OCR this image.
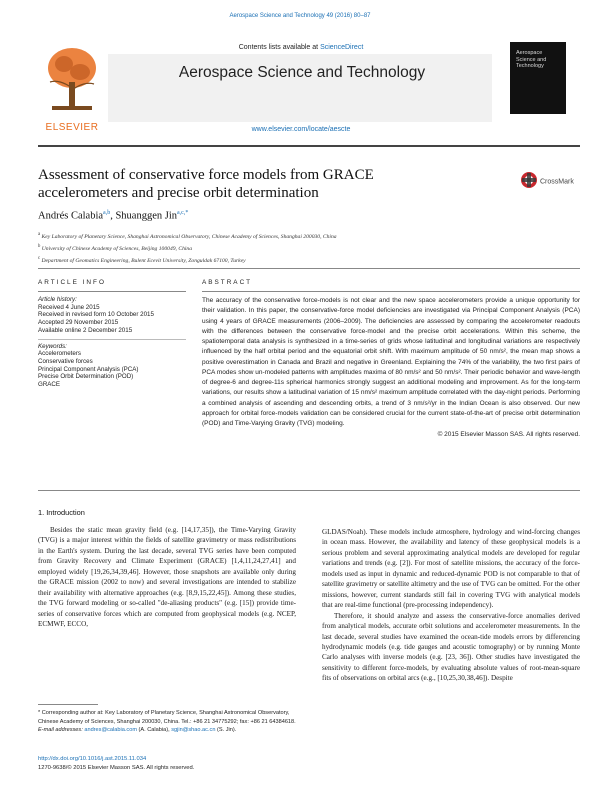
Aerospace Science and Technology 49 (2016) 80–87
ELSEVIER
Contents lists available at ScienceDirect
Aerospace Science and Technology
www.elsevier.com/locate/aescte
Aerospace Science and Technology
Assessment of conservative force models from GRACE accelerometers and precise orbit determination
CrossMark
Andrés Calabia$^{a,b}$, Shuanggen Jin$^{a,c,*}$
$^a$ Key Laboratory of Planetary Science, Shanghai Astronomical Observatory, Chinese Academy of Sciences, Shanghai 200030, China
$^b$ University of Chinese Academy of Sciences, Beijing 100049, China
$^c$ Department of Geomatics Engineering, Bulent Ecevit University, Zonguldak 67100, Turkey
ARTICLE INFO	ABSTRACT
Article history:
Received 4 June 2015
Received in revised form 10 October 2015
Accepted 29 November 2015
Available online 2 December 2015
Keywords:
Accelerometers
Conservative forces
Principal Component Analysis (PCA)
Precise Orbit Determination (POD)
GRACE
The accuracy of the conservative force-models is not clear and the new space accelerometers provide a unique opportunity for their validation. In this paper, the conservative-force model deficiencies are investigated via Principal Component Analysis (PCA) using 4 years of GRACE measurements (2006–2009). The deficiencies are assessed by comparing the accelerometer readouts with the differences between the conservative force-model and the precise orbit accelerations. Within this scheme, the spatiotemporal data analysis is synthesized in a time-series of grids whose latitudinal and longitudinal variations are respectively influenced by the half orbital period and the equatorial orbit shift. With maximum amplitude of 50 nm/s², the mean map shows a positive overestimation in Canada and Brazil and negative in Greenland. Explaining the 74% of the variability, the two first pairs of PCA modes show un-modeled patterns with amplitudes maxima of 80 nm/s² and 50 nm/s². Their periodic behavior and wave-length of degree-6 and degree-11s spherical harmonics strongly suggest an additional modeling and improvement. As for the long-term variations, our results show a latitudinal variation of 15 nm/s² maximum amplitude correlated with the day-night periods. Performing a combined analysis of ascending and descending orbits, a trend of 3 nm/s²/yr in the Indian Ocean is also observed. Our new approach for orbital force-models validation can be considered crucial for the current state-of-the-art of precise orbit determination (POD) and Time-Varying Gravity (TVG) modeling.
© 2015 Elsevier Masson SAS. All rights reserved.
1. Introduction

Besides the static mean gravity field (e.g. [14,17,35]), the Time-Varying Gravity (TVG) is a major interest within the fields of satellite gravimetry or mass redistributions in the Earth's system. During the last decade, several TVG series have been computed from Gravity Recovery and Climate Experiment (GRACE) [1,4,11,24,27,41] and employed widely [19,26,34,39,46]. However, those snapshots are available only during the GRACE mission (2002 to now) and several investigations are intended to stabilize their availability with alternative approaches (e.g. [8,9,15,22,45]). Among these studies, the TVG forward modeling or so-called "de-aliasing products" (e.g. [15]) provide time-series of conservative forces which are computed from geophysical models (e.g. NCEP, ECMWF, ECCO,

GLDAS/Noah). These models include atmosphere, hydrology and wind-forcing changes in ocean mass. However, the availability and latency of these geophysical models is a serious problem and several approximating analytical models are developed for regular variations and trends (e.g. [2]). For most of satellite missions, the accuracy of the force-models used as input in dynamic and reduced-dynamic POD is not comparable to that of satellite gravimetry or satellite altimetry and the use of TVG can be omitted. For the other missions, however, current standards still fail in covering TVG with analytical models that are real-time functional (pre-processing independency).

Therefore, it should analyze and assess the conservative-force anomalies derived from analytical models, accurate orbit solutions and accelerometer measurements. In the last decade, several studies have examined the ocean-tide models errors by differencing hydrodynamic models (e.g. tide gauges and acoustic tomography) or by running Monte Carlo analyses with inverse models (e.g. [23, 36]). Other studies have investigated the sensitivity to different force-models, by evaluating absolute values of root-mean-square fits of observations on orbital arcs (e.g., [10,25,30,38,46]). Despite

* Corresponding author at: Key Laboratory of Planetary Science, Shanghai Astronomical Observatory, Chinese Academy of Sciences, Shanghai 200030, China. Tel.: +86 21 34775292; fax: +86 21 64384618.
E-mail addresses: andres@calabia.com (A. Calabia), sgjin@shao.ac.cn (S. Jin).
http://dx.doi.org/10.1016/j.ast.2015.11.034
1270-9638/© 2015 Elsevier Masson SAS. All rights reserved.
